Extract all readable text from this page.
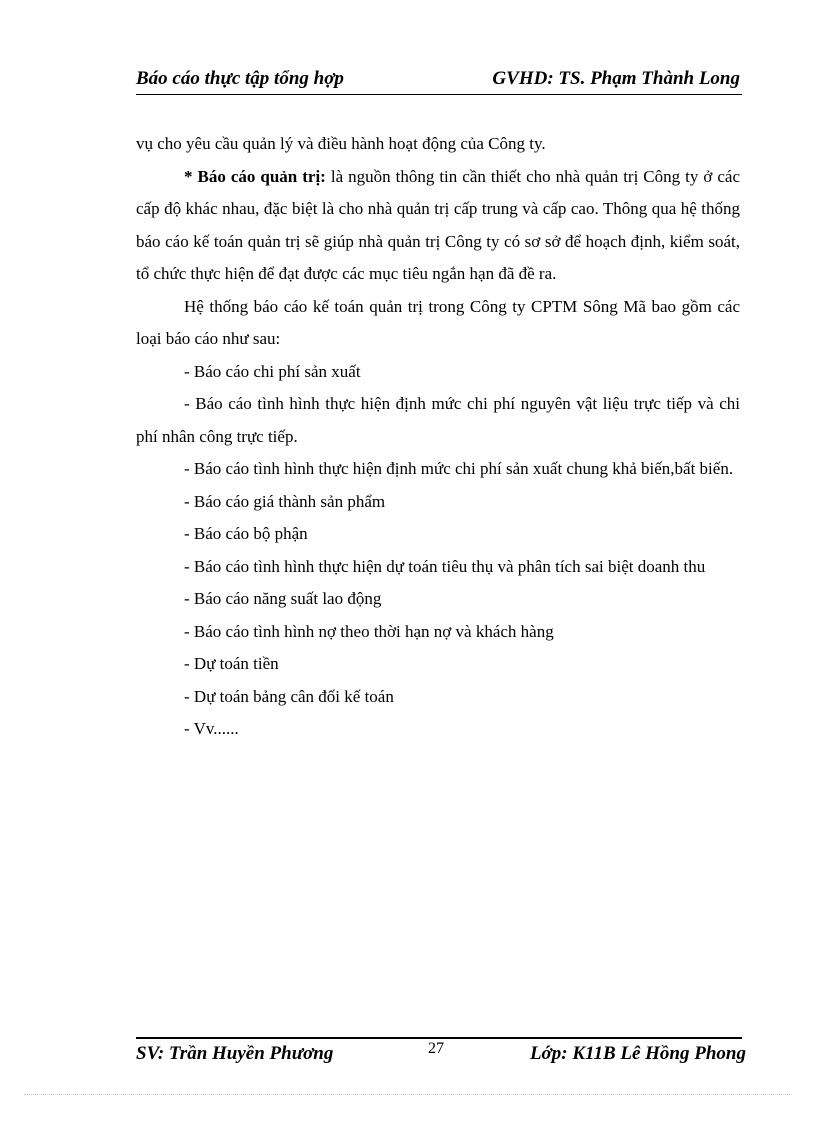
Báo cáo thực tập tổng hợp	GVHD: TS. Phạm Thành Long

vụ cho yêu cầu quản lý và điều hành hoạt động của Công ty.

* Báo cáo quản trị: là nguồn thông tin cần thiết cho nhà quản trị Công ty ở các cấp độ khác nhau, đặc biệt là cho nhà quản trị cấp trung và cấp cao. Thông qua hệ thống báo cáo kế toán quản trị sẽ giúp nhà quản trị Công ty có sơ sở để hoạch định, kiểm soát, tổ chức thực hiện để đạt được các mục tiêu ngắn hạn đã đề ra.

Hệ thống báo cáo kế toán quản trị trong Công ty CPTM Sông Mã bao gồm các loại báo cáo như sau:

- Báo cáo chi phí sản xuất

- Báo cáo tình hình thực hiện định mức chi phí nguyên vật liệu trực tiếp và chi phí nhân công trực tiếp.

- Báo cáo tình hình thực hiện định mức chi phí sản xuất chung khả biến,bất biến.

- Báo cáo giá thành sản phẩm

- Báo cáo bộ phận

- Báo cáo tình hình thực hiện dự toán tiêu thụ và phân tích sai biệt doanh thu

- Báo cáo năng suất lao động

- Báo cáo tình hình nợ theo thời hạn nợ và khách hàng

- Dự toán tiền

- Dự toán bảng cân đối kế toán

- Vv......

SV: Trần Huyền Phương	27	Lớp: K11B Lê Hồng Phong
